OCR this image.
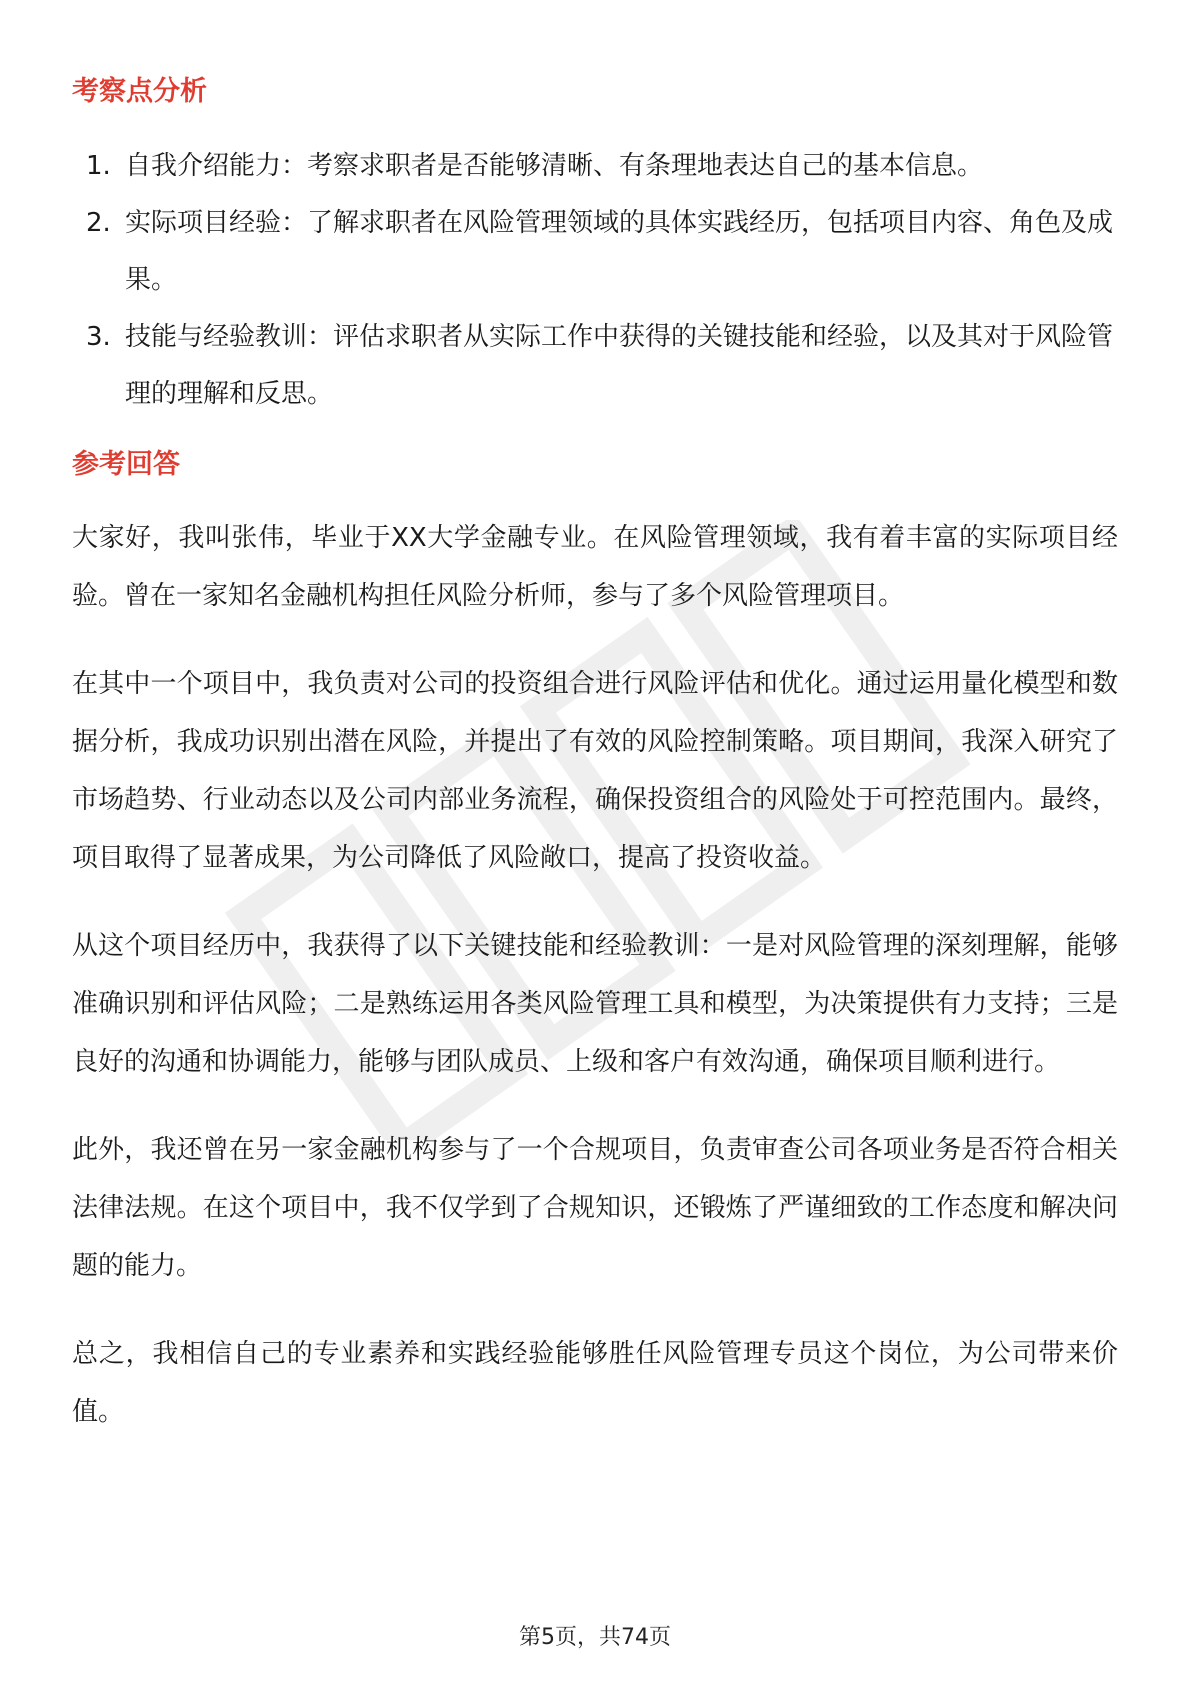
考察点分析
1. 自我介绍能力：考察求职者是否能够清晰、有条理地表达自己的基本信息。
2. 实际项目经验：了解求职者在风险管理领域的具体实践经历，包括项目内容、角色及成果。
3. 技能与经验教训：评估求职者从实际工作中获得的关键技能和经验，以及其对于风险管理的理解和反思。
参考回答

大家好，我叫张伟，毕业于XX大学金融专业。在风险管理领域，我有着丰富的实际项目经验。曾在一家知名金融机构担任风险分析师，参与了多个风险管理项目。

在其中一个项目中，我负责对公司的投资组合进行风险评估和优化。通过运用量化模型和数据分析，我成功识别出潜在风险，并提出了有效的风险控制策略。项目期间，我深入研究了市场趋势、行业动态以及公司内部业务流程，确保投资组合的风险处于可控范围内。最终，项目取得了显著成果，为公司降低了风险敞口，提高了投资收益。

从这个项目经历中，我获得了以下关键技能和经验教训：一是对风险管理的深刻理解，能够准确识别和评估风险；二是熟练运用各类风险管理工具和模型，为决策提供有力支持；三是良好的沟通和协调能力，能够与团队成员、上级和客户有效沟通，确保项目顺利进行。

此外，我还曾在另一家金融机构参与了一个合规项目，负责审查公司各项业务是否符合相关法律法规。在这个项目中，我不仅学到了合规知识，还锻炼了严谨细致的工作态度和解决问题的能力。

总之，我相信自己的专业素养和实践经验能够胜任风险管理专员这个岗位，为公司带来价值。

第5页，共74页
